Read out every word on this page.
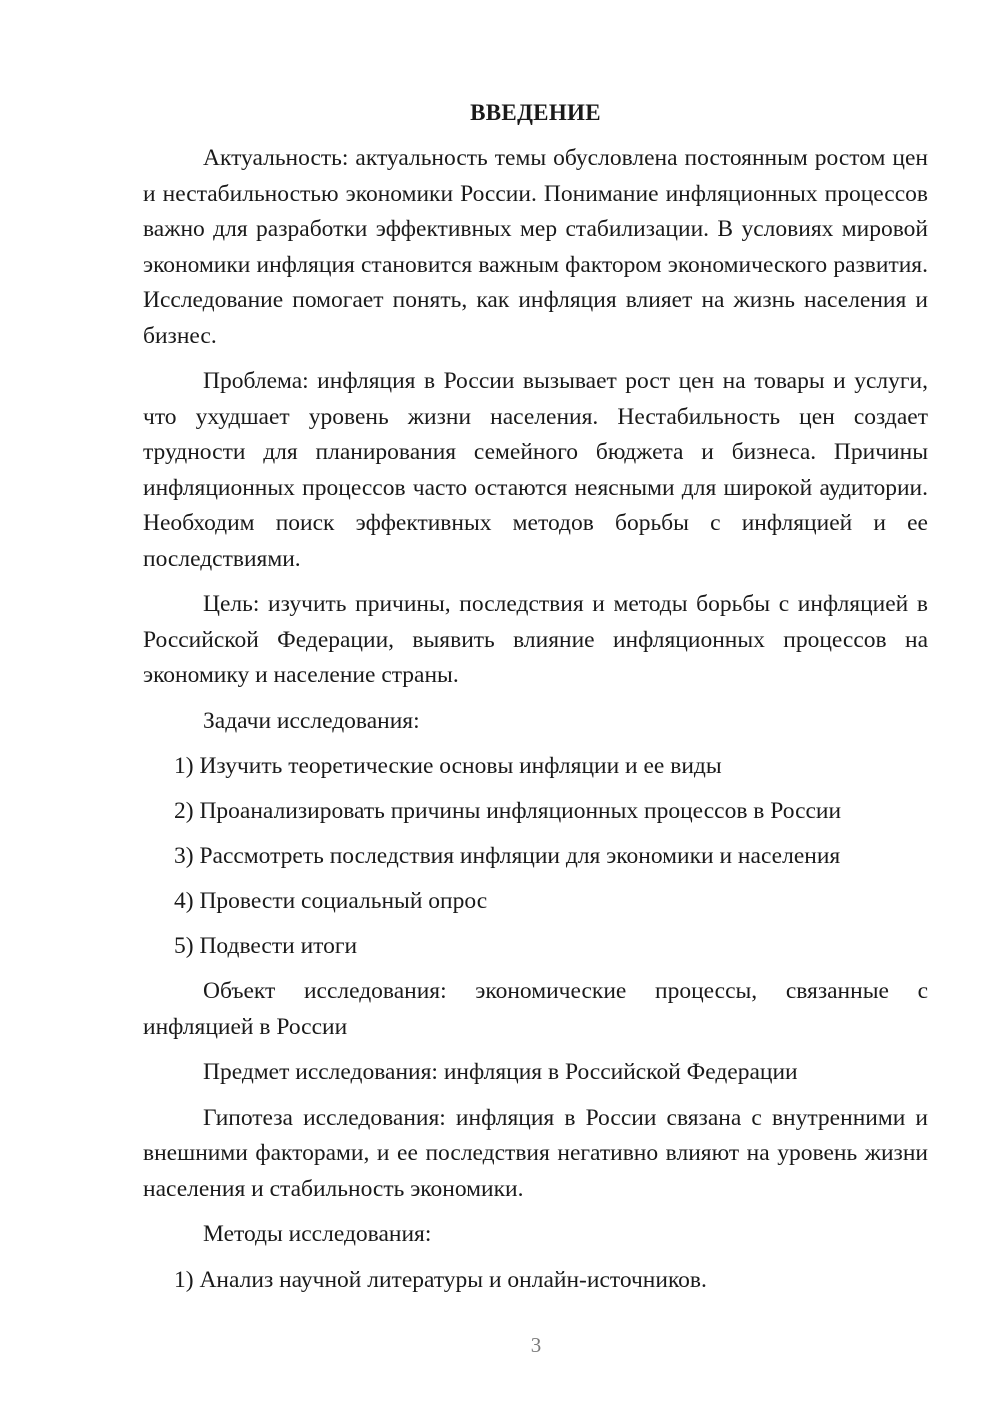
ВВЕДЕНИЕ
Актуальность: актуальность темы обусловлена постоянным ростом цен и нестабильностью экономики России. Понимание инфляционных процессов важно для разработки эффективных мер стабилизации. В условиях мировой экономики инфляция становится важным фактором экономического развития. Исследование помогает понять, как инфляция влияет на жизнь населения и бизнес.
Проблема: инфляция в России вызывает рост цен на товары и услуги, что ухудшает уровень жизни населения. Нестабильность цен создает трудности для планирования семейного бюджета и бизнеса. Причины инфляционных процессов часто остаются неясными для широкой аудитории. Необходим поиск эффективных методов борьбы с инфляцией и ее последствиями.
Цель: изучить причины, последствия и методы борьбы с инфляцией в Российской Федерации, выявить влияние инфляционных процессов на экономику и население страны.
Задачи исследования:
1) Изучить теоретические основы инфляции и ее виды
2) Проанализировать причины инфляционных процессов в России
3) Рассмотреть последствия инфляции для экономики и населения
4) Провести социальный опрос
5) Подвести итоги
Объект исследования: экономические процессы, связанные с инфляцией в России
Предмет исследования: инфляция в Российской Федерации
Гипотеза исследования: инфляция в России связана с внутренними и внешними факторами, и ее последствия негативно влияют на уровень жизни населения и стабильность экономики.
Методы исследования:
1) Анализ научной литературы и онлайн-источников.
3
